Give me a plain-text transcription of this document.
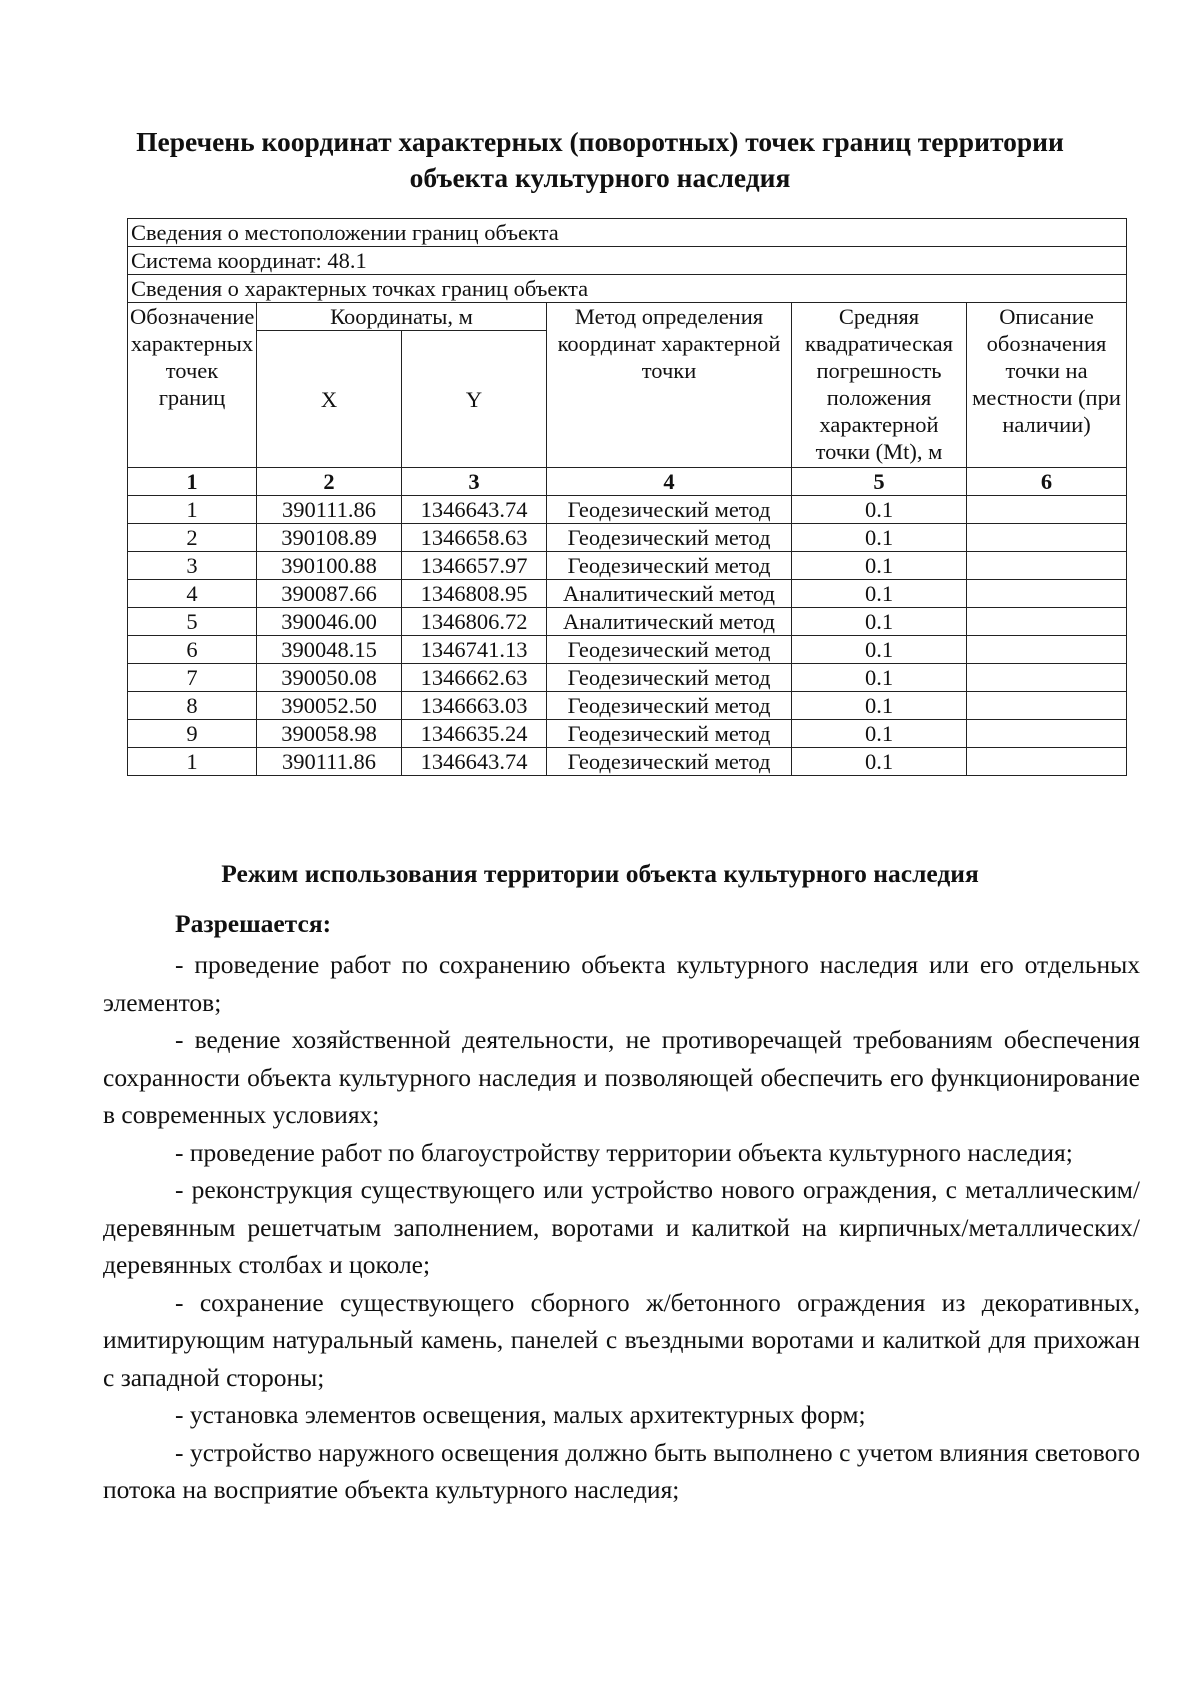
Перечень координат характерных (поворотных) точек границ территории
объекта культурного наследия
Сведения о местоположении границ объекта					
Система координат: 48.1					
Сведения о характерных точках границ объекта					
Обозначение характерных точек границ	Координаты, м		Метод определения координат характерной точки	Средняя квадратическая погрешность положения характерной точки (Mt), м	Описание обозначения точки на местности (при наличии)
	X	Y			
1	2	3	4	5	6
1	390111.86	1346643.74	Геодезический метод	0.1	
2	390108.89	1346658.63	Геодезический метод	0.1	
3	390100.88	1346657.97	Геодезический метод	0.1	
4	390087.66	1346808.95	Аналитический метод	0.1	
5	390046.00	1346806.72	Аналитический метод	0.1	
6	390048.15	1346741.13	Геодезический метод	0.1	
7	390050.08	1346662.63	Геодезический метод	0.1	
8	390052.50	1346663.03	Геодезический метод	0.1	
9	390058.98	1346635.24	Геодезический метод	0.1	
1	390111.86	1346643.74	Геодезический метод	0.1	
Режим использования территории объекта культурного наследия
Разрешается:

- проведение работ по сохранению объекта культурного наследия или его отдельных элементов;

- ведение хозяйственной деятельности, не противоречащей требованиям обеспечения сохранности объекта культурного наследия и позволяющей обеспечить его функционирование в современных условиях;

- проведение работ по благоустройству территории объекта культурного наследия;

- реконструкция существующего или устройство нового ограждения, с металлическим/деревянным решетчатым заполнением, воротами и калиткой на кирпичных/металлических/деревянных столбах и цоколе;

- сохранение существующего сборного ж/бетонного ограждения из декоративных, имитирующим натуральный камень, панелей с въездными воротами и калиткой для прихожан с западной стороны;

- установка элементов освещения, малых архитектурных форм;

- устройство наружного освещения должно быть выполнено с учетом влияния светового потока на восприятие объекта культурного наследия;
